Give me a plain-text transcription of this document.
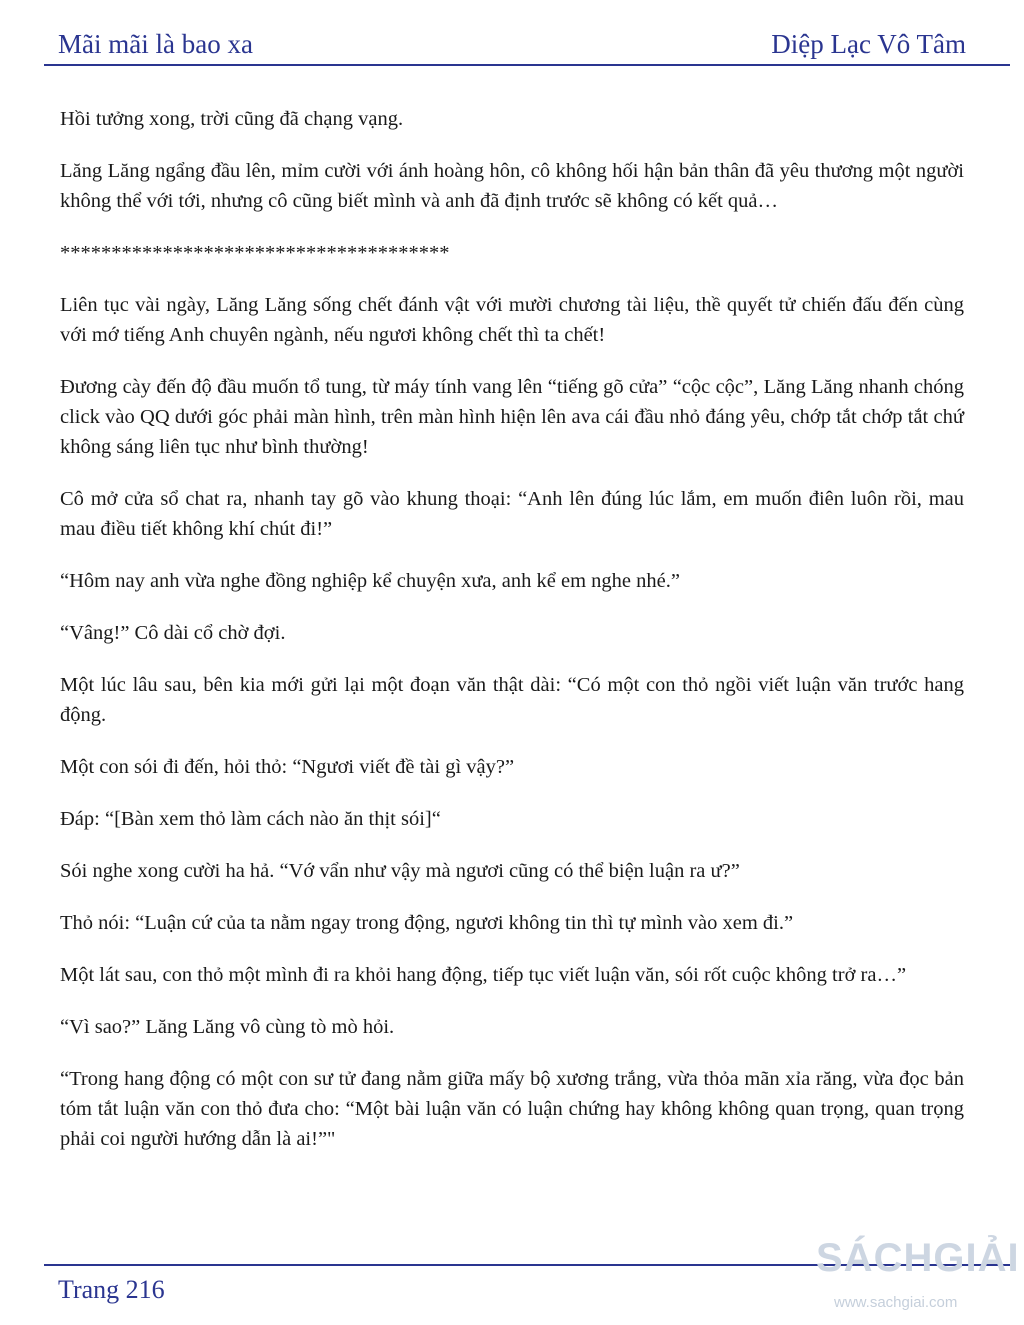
Mãi mãi là bao xa	Diệp Lạc Vô Tâm

Hồi tưởng xong, trời cũng đã chạng vạng.

Lăng Lăng ngẩng đầu lên, mỉm cười với ánh hoàng hôn, cô không hối hận bản thân đã yêu thương một người không thể với tới, nhưng cô cũng biết mình và anh đã định trước sẽ không có kết quả…

**************************************

Liên tục vài ngày, Lăng Lăng sống chết đánh vật với mười chương tài liệu, thề quyết tử chiến đấu đến cùng với mớ tiếng Anh chuyên ngành, nếu ngươi không chết thì ta chết!

Đương cày đến độ đầu muốn tổ tung, từ máy tính vang lên “tiếng gõ cửa” “cộc cộc”, Lăng Lăng nhanh chóng click vào QQ dưới góc phải màn hình, trên màn hình hiện lên ava cái đầu nhỏ đáng yêu, chớp tắt chớp tắt chứ không sáng liên tục như bình thường!

Cô mở cửa sổ chat ra, nhanh tay gõ vào khung thoại: “Anh lên đúng lúc lắm, em muốn điên luôn rồi, mau mau điều tiết không khí chút đi!”

“Hôm nay anh vừa nghe đồng nghiệp kể chuyện xưa, anh kể em nghe nhé.”

“Vâng!” Cô dài cổ chờ đợi.

Một lúc lâu sau, bên kia mới gửi lại một đoạn văn thật dài: “Có một con thỏ ngồi viết luận văn trước hang động.

Một con sói đi đến, hỏi thỏ: “Ngươi viết đề tài gì vậy?”

Đáp: “[Bàn xem thỏ làm cách nào ăn thịt sói]“

Sói nghe xong cười ha hả. “Vớ vẩn như vậy mà ngươi cũng có thể biện luận ra ư?”

Thỏ nói: “Luận cứ của ta nằm ngay trong động, ngươi không tin thì tự mình vào xem đi.”

Một lát sau, con thỏ một mình đi ra khỏi hang động, tiếp tục viết luận văn, sói rốt cuộc không trở ra…”

“Vì sao?” Lăng Lăng vô cùng tò mò hỏi.

“Trong hang động có một con sư tử đang nằm giữa mấy bộ xương trắng, vừa thỏa mãn xỉa răng, vừa đọc bản tóm tắt luận văn con thỏ đưa cho: “Một bài luận văn có luận chứng hay không không quan trọng, quan trọng phải coi người hướng dẫn là ai!”"

Trang 216
SÁCHGIẢI
www.sachgiai.com
